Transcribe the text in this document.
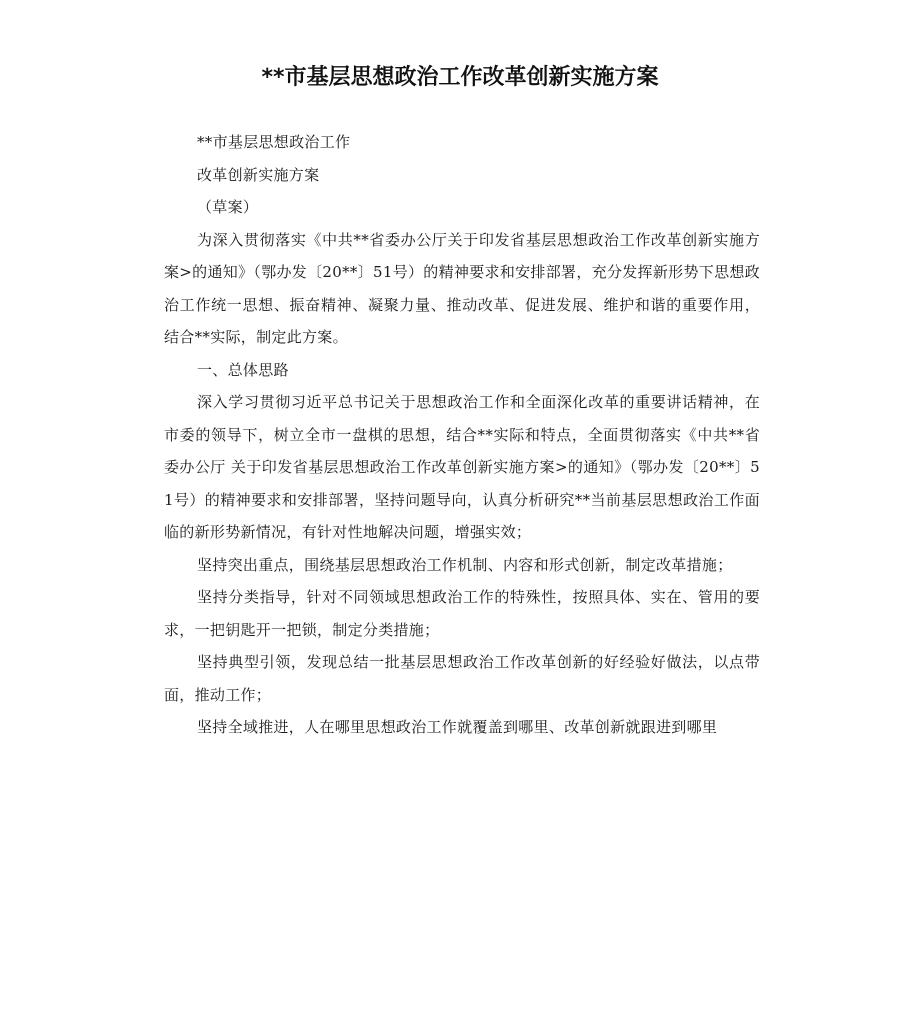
**市基层思想政治工作改革创新实施方案

**市基层思想政治工作

改革创新实施方案

（草案）

为深入贯彻落实《中共**省委办公厅关于印发省基层思想政治工作改革创新实施方案>的通知》（鄂办发〔20**〕51号）的精神要求和安排部署，充分发挥新形势下思想政治工作统一思想、振奋精神、凝聚力量、推动改革、促进发展、维护和谐的重要作用，结合**实际，制定此方案。

一、总体思路

深入学习贯彻习近平总书记关于思想政治工作和全面深化改革的重要讲话精神，在市委的领导下，树立全市一盘棋的思想，结合**实际和特点，全面贯彻落实《中共**省委办公厅 关于印发省基层思想政治工作改革创新实施方案>的通知》（鄂办发〔20**〕51号）的精神要求和安排部署，坚持问题导向，认真分析研究**当前基层思想政治工作面临的新形势新情况，有针对性地解决问题，增强实效；

坚持突出重点，围绕基层思想政治工作机制、内容和形式创新，制定改革措施；

坚持分类指导，针对不同领域思想政治工作的特殊性，按照具体、实在、管用的要求，一把钥匙开一把锁，制定分类措施；

坚持典型引领，发现总结一批基层思想政治工作改革创新的好经验好做法，以点带面，推动工作；

坚持全域推进，人在哪里思想政治工作就覆盖到哪里、改革创新就跟进到哪里
